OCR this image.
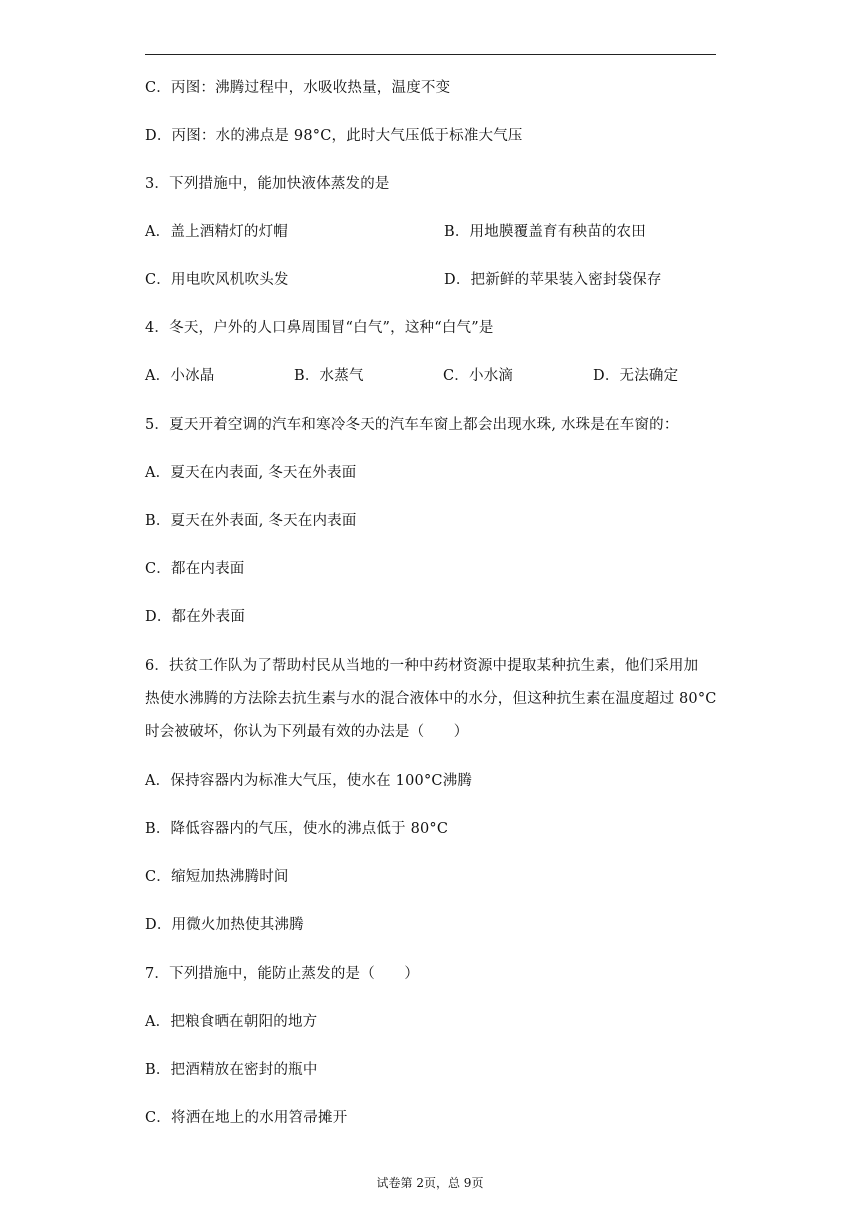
C．丙图：沸腾过程中，水吸收热量，温度不变
D．丙图：水的沸点是 98°C，此时大气压低于标准大气压
3．下列措施中，能加快液体蒸发的是
A．盖上酒精灯的灯帽	B．用地膜覆盖育有秧苗的农田
C．用电吹风机吹头发	D．把新鲜的苹果装入密封袋保存
4．冬天，户外的人口鼻周围冒“白气”，这种“白气”是
A．小冰晶	B．水蒸气	C．小水滴	D．无法确定
5．夏天开着空调的汽车和寒冷冬天的汽车车窗上都会出现水珠, 水珠是在车窗的：
A．夏天在内表面, 冬天在外表面
B．夏天在外表面, 冬天在内表面
C．都在内表面
D．都在外表面
6．扶贫工作队为了帮助村民从当地的一种中药材资源中提取某种抗生素，他们采用加
热使水沸腾的方法除去抗生素与水的混合液体中的水分，但这种抗生素在温度超过 80°C
时会被破坏，你认为下列最有效的办法是（　　）
A．保持容器内为标准大气压，使水在 100°C沸腾
B．降低容器内的气压，使水的沸点低于 80°C
C．缩短加热沸腾时间
D．用微火加热使其沸腾
7．下列措施中，能防止蒸发的是（　　）
A．把粮食晒在朝阳的地方
B．把酒精放在密封的瓶中
C．将洒在地上的水用笤帚摊开
试卷第 2页，总 9页
